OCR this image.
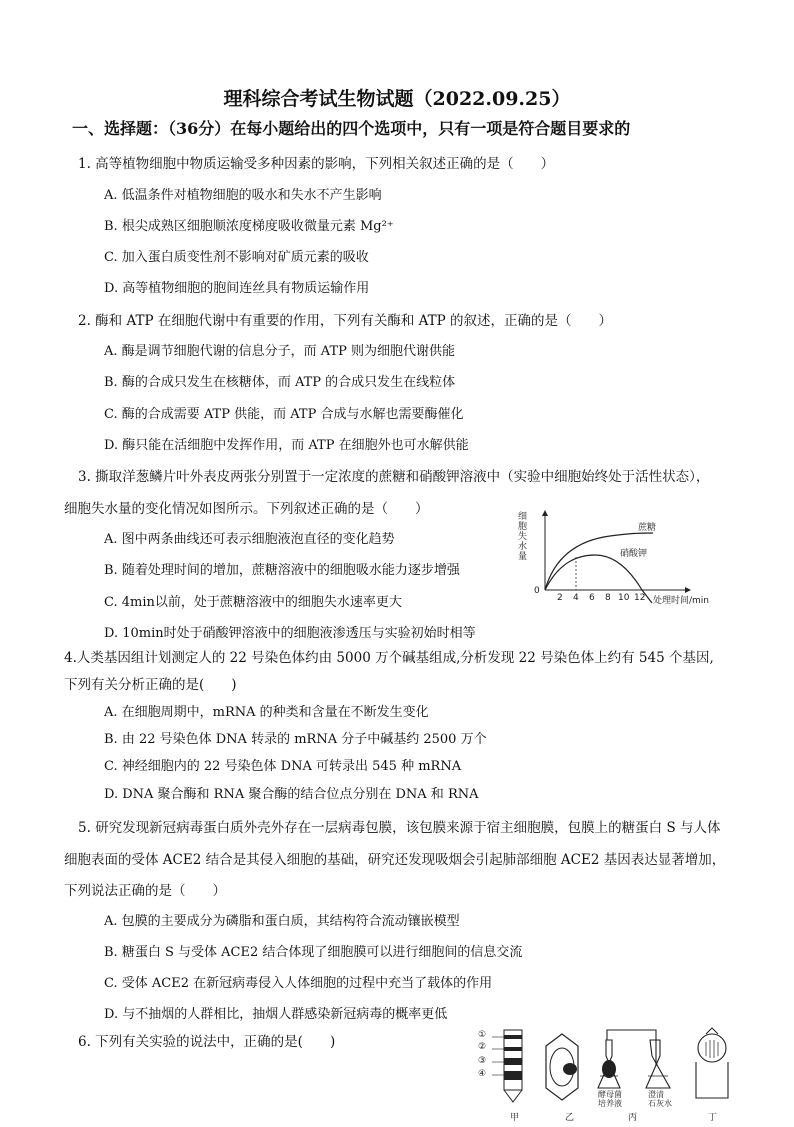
理科综合考试生物试题（2022.09.25）
一、选择题：（36分）在每小题给出的四个选项中，只有一项是符合题目要求的
1. 高等植物细胞中物质运输受多种因素的影响，下列相关叙述正确的是（　　）
A. 低温条件对植物细胞的吸水和失水不产生影响
B. 根尖成熟区细胞顺浓度梯度吸收微量元素 Mg²⁺
C. 加入蛋白质变性剂不影响对矿质元素的吸收
D. 高等植物细胞的胞间连丝具有物质运输作用
2. 酶和 ATP 在细胞代谢中有重要的作用，下列有关酶和 ATP 的叙述，正确的是（　　）
A. 酶是调节细胞代谢的信息分子，而 ATP 则为细胞代谢供能
B. 酶的合成只发生在核糖体，而 ATP 的合成只发生在线粒体
C. 酶的合成需要 ATP 供能，而 ATP 合成与水解也需要酶催化
D. 酶只能在活细胞中发挥作用，而 ATP 在细胞外也可水解供能
3. 撕取洋葱鳞片叶外表皮两张分别置于一定浓度的蔗糖和硝酸钾溶液中（实验中细胞始终处于活性状态），
细胞失水量的变化情况如图所示。下列叙述正确的是（　　）
A. 图中两条曲线还可表示细胞液泡直径的变化趋势
B. 随着处理时间的增加，蔗糖溶液中的细胞吸水能力逐步增强
C. 4min以前，处于蔗糖溶液中的细胞失水速率更大
D. 10min时处于硝酸钾溶液中的细胞液渗透压与实验初始时相等
细
胞
失
水
量
蔗糖
硝酸钾
0
2 4 6 8 10 12 处理时间/min
4.人类基因组计划测定人的 22 号染色体约由 5000 万个碱基组成,分析发现 22 号染色体上约有 545 个基因,
下列有关分析正确的是(　　)
A. 在细胞周期中，mRNA 的种类和含量在不断发生变化
B. 由 22 号染色体 DNA 转录的 mRNA 分子中碱基约 2500 万个
C. 神经细胞内的 22 号染色体 DNA 可转录出 545 种 mRNA
D. DNA 聚合酶和 RNA 聚合酶的结合位点分别在 DNA 和 RNA
5. 研究发现新冠病毒蛋白质外壳外存在一层病毒包膜，该包膜来源于宿主细胞膜，包膜上的糖蛋白 S 与人体
细胞表面的受体 ACE2 结合是其侵入细胞的基础，研究还发现吸烟会引起肺部细胞 ACE2 基因表达显著增加，
下列说法正确的是（　　）
A. 包膜的主要成分为磷脂和蛋白质，其结构符合流动镶嵌模型
B. 糖蛋白 S 与受体 ACE2 结合体现了细胞膜可以进行细胞间的信息交流
C. 受体 ACE2 在新冠病毒侵入人体细胞的过程中充当了载体的作用
D. 与不抽烟的人群相比，抽烟人群感染新冠病毒的概率更低
6. 下列有关实验的说法中，正确的是(　　)	①
②
③
④
酵母菌
培养液
澄清
石灰水
甲	乙	丙	丁
